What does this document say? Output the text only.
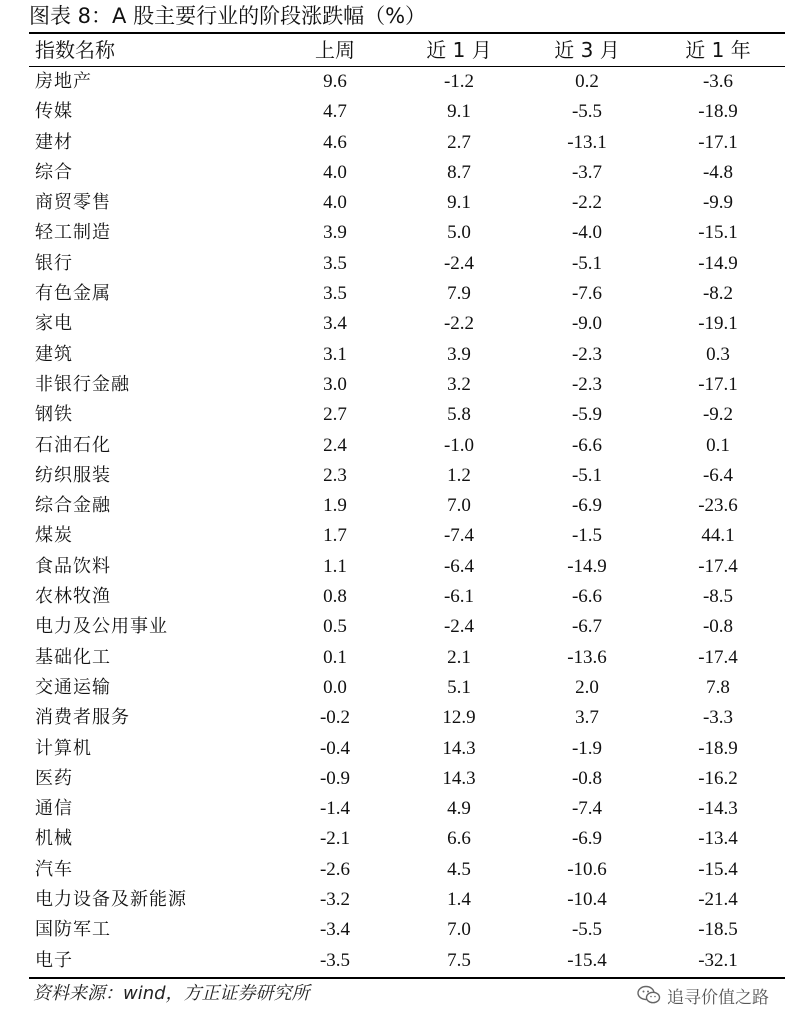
图表 8：A 股主要行业的阶段涨跌幅（%）
指数名称	上周	近 1 月	近 3 月	近 1 年
房地产	9.6	-1.2	0.2	-3.6
传媒	4.7	9.1	-5.5	-18.9
建材	4.6	2.7	-13.1	-17.1
综合	4.0	8.7	-3.7	-4.8
商贸零售	4.0	9.1	-2.2	-9.9
轻工制造	3.9	5.0	-4.0	-15.1
银行	3.5	-2.4	-5.1	-14.9
有色金属	3.5	7.9	-7.6	-8.2
家电	3.4	-2.2	-9.0	-19.1
建筑	3.1	3.9	-2.3	0.3
非银行金融	3.0	3.2	-2.3	-17.1
钢铁	2.7	5.8	-5.9	-9.2
石油石化	2.4	-1.0	-6.6	0.1
纺织服装	2.3	1.2	-5.1	-6.4
综合金融	1.9	7.0	-6.9	-23.6
煤炭	1.7	-7.4	-1.5	44.1
食品饮料	1.1	-6.4	-14.9	-17.4
农林牧渔	0.8	-6.1	-6.6	-8.5
电力及公用事业	0.5	-2.4	-6.7	-0.8
基础化工	0.1	2.1	-13.6	-17.4
交通运输	0.0	5.1	2.0	7.8
消费者服务	-0.2	12.9	3.7	-3.3
计算机	-0.4	14.3	-1.9	-18.9
医药	-0.9	14.3	-0.8	-16.2
通信	-1.4	4.9	-7.4	-14.3
机械	-2.1	6.6	-6.9	-13.4
汽车	-2.6	4.5	-10.6	-15.4
电力设备及新能源	-3.2	1.4	-10.4	-21.4
国防军工	-3.4	7.0	-5.5	-18.5
电子	-3.5	7.5	-15.4	-32.1
资料来源：wind，方正证券研究所	追寻价值之路
